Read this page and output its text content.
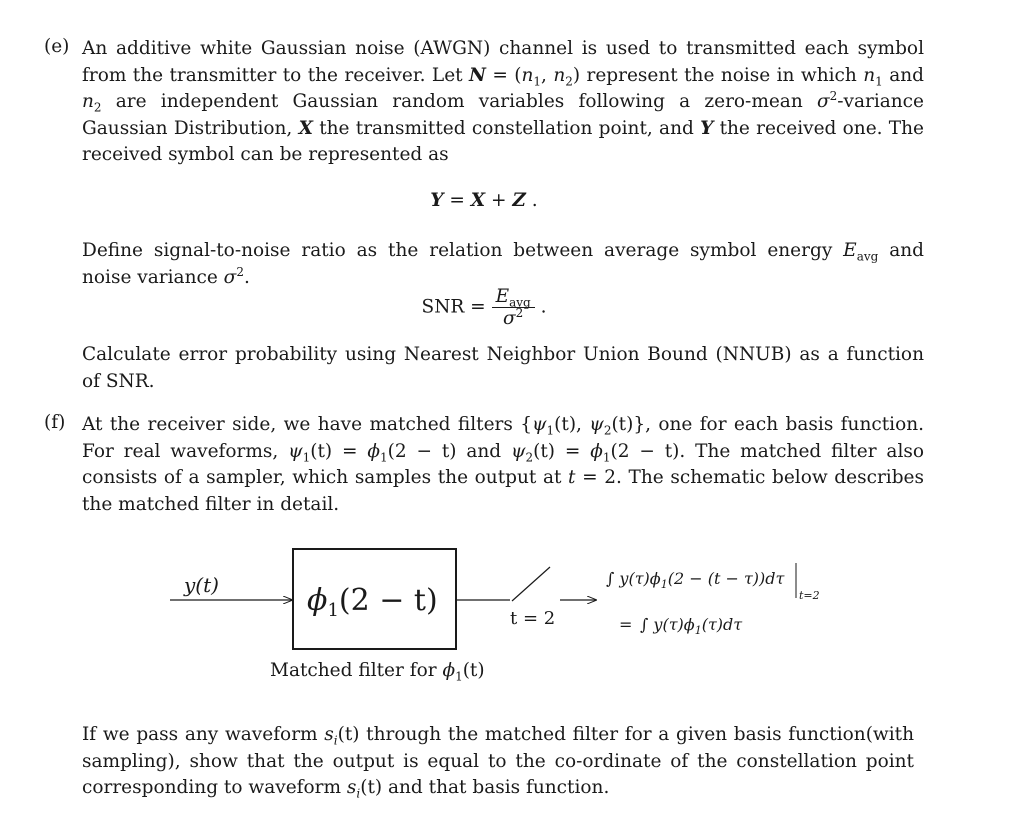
(e) An additive white Gaussian noise (AWGN) channel is used to transmitted each symbol from the transmitter to the receiver. Let $N = (n_1$, $n_2$) represent the noise in which $n_1$ and $n_2$ are independent Gaussian random variables following a zero-mean $\sigma^2$-variance Gaussian Distribution, X the transmitted constellation point, and Y the received one. The received symbol can be represented as

Y = X + Z .

Define signal-to-noise ratio as the relation between average symbol energy $E_{avg}$ and noise variance $\sigma^2$.

SNR = $\frac{E_{avg}}{\sigma^2}$ .

Calculate error probability using Nearest Neighbor Union Bound (NNUB) as a function of SNR.
(f) At the receiver side, we have matched filters {$\psi_1(t)$, $\psi_2(t)$}, one for each basis function. For real waveforms, $\psi_1(t) = \phi_1(2 - t)$ and $\psi_2(t) = \phi_1(2 - t)$. The matched filter also consists of a sampler, which samples the output at t = 2. The schematic below describes the matched filter in detail.
y(t)	$\phi_1(2 - t)$
t = 2
∫ $y(\tau)\phi_1(2 - (t - \tau))d\tau$
t=2
= ∫ $y(\tau)\phi_1(\tau)d\tau$
Matched filter for $\phi_1(t)$
If we pass any waveform $s_i(t)$ through the matched filter for a given basis function(with sampling), show that the output is equal to the co-ordinate of the constellation point corresponding to waveform $s_i(t)$ and that basis function.
